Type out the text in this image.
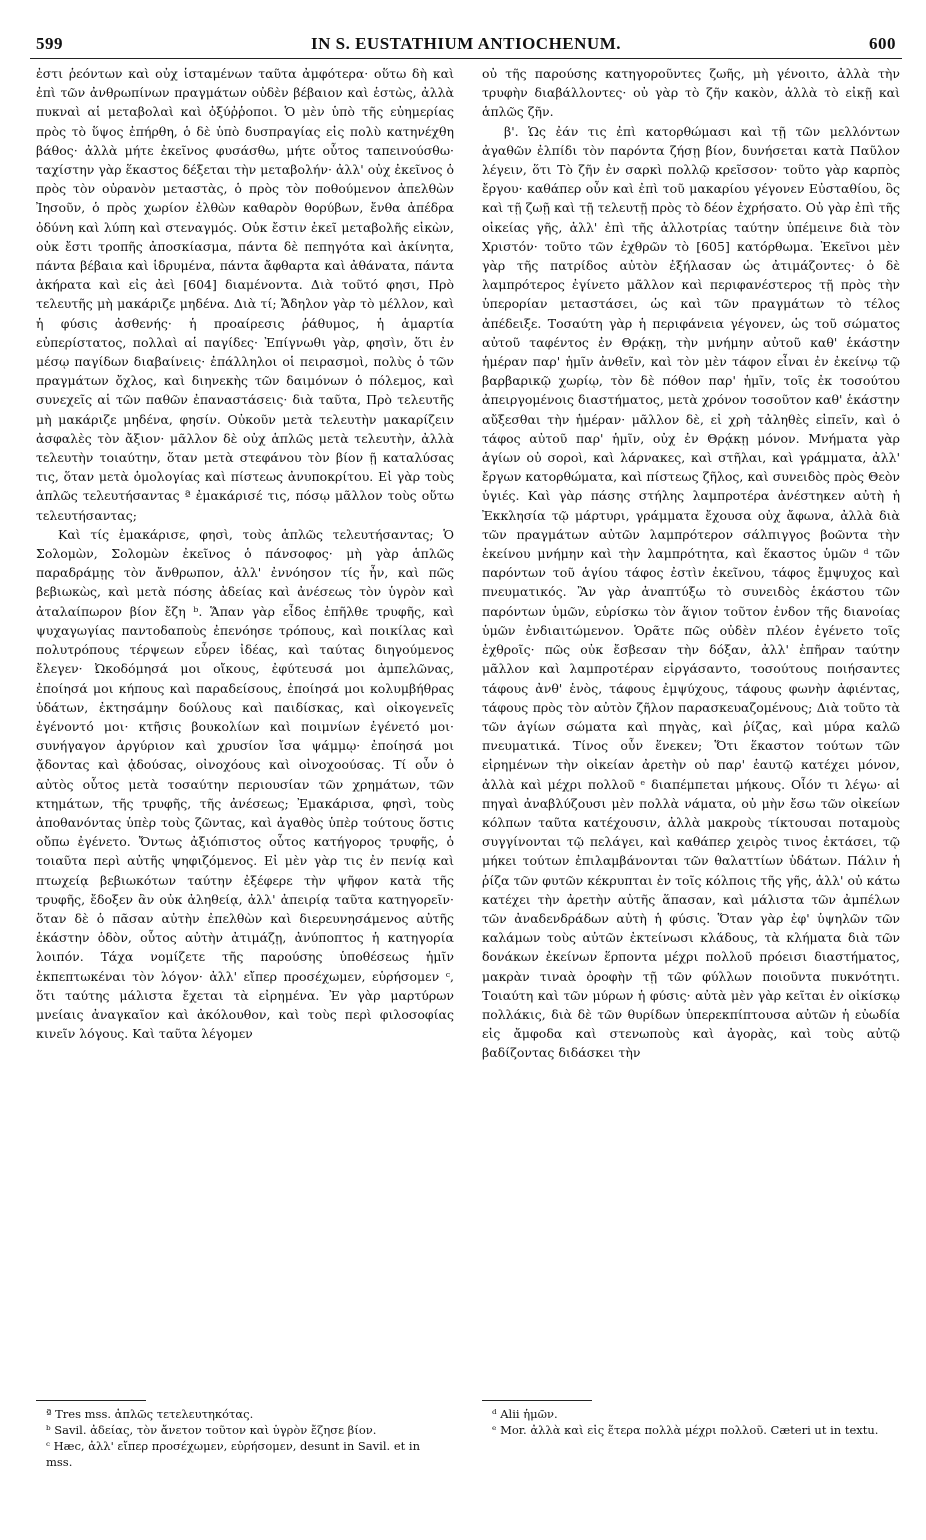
599	IN S. EUSTATHIUM ANTIOCHENUM.	600

ἐστι ῥεόντων καὶ οὐχ ἱσταμένων ταῦτα ἀμφότερα· οὕτω δὴ καὶ ἐπὶ τῶν ἀνθρωπίνων πραγμάτων οὐδὲν βέβαιον καὶ ἑστὼς, ἀλλὰ πυκναὶ αἱ μεταβολαὶ καὶ ὀξύῤῥοποι. Ὁ μὲν ὑπὸ τῆς εὐημερίας πρὸς τὸ ὕψος ἐπήρθη, ὁ δὲ ὑπὸ δυσπραγίας εἰς πολὺ κατηνέχθη βάθος· ἀλλὰ μήτε ἐκεῖνος φυσάσθω, μήτε οὗτος ταπεινούσθω· ταχίστην γὰρ ἕκαστος δέξεται τὴν μεταβολήν· ἀλλ' οὐχ ἐκεῖνος ὁ πρὸς τὸν οὐρανὸν μεταστὰς, ὁ πρὸς τὸν ποθούμενον ἀπελθὼν Ἰησοῦν, ὁ πρὸς χωρίον ἐλθὼν καθαρὸν θορύβων, ἔνθα ἀπέδρα ὀδύνη καὶ λύπη καὶ στεναγμός. Οὐκ ἔστιν ἐκεῖ μεταβολῆς εἰκὼν, οὐκ ἔστι τροπῆς ἀποσκίασμα, πάντα δὲ πεπηγότα καὶ ἀκίνητα, πάντα βέβαια καὶ ἱδρυμένα, πάντα ἄφθαρτα καὶ ἀθάνατα, πάντα ἀκήρατα καὶ εἰς ἀεὶ [604] διαμένοντα. Διὰ τοῦτό φησι, Πρὸ τελευτῆς μὴ μακάριζε μηδένα. Διὰ τί; Ἄδηλον γὰρ τὸ μέλλον, καὶ ἡ φύσις ἀσθενής· ἡ προαίρεσις ῥάθυμος, ἡ ἁμαρτία εὐπερίστατος, πολλαὶ αἱ παγίδες· Ἐπίγνωθι γὰρ, φησὶν, ὅτι ἐν μέσῳ παγίδων διαβαίνεις· ἐπάλληλοι οἱ πειρασμοὶ, πολὺς ὁ τῶν πραγμάτων ὄχλος, καὶ διηνεκὴς τῶν δαιμόνων ὁ πόλεμος, καὶ συνεχεῖς αἱ τῶν παθῶν ἐπαναστάσεις· διὰ ταῦτα, Πρὸ τελευτῆς μὴ μακάριζε μηδένα, φησίν. Οὐκοῦν μετὰ τελευτὴν μακαρίζειν ἀσφαλὲς τὸν ἄξιον· μᾶλλον δὲ οὐχ ἁπλῶς μετὰ τελευτὴν, ἀλλὰ τελευτὴν τοιαύτην, ὅταν μετὰ στεφάνου τὸν βίον ῇ καταλύσας τις, ὅταν μετὰ ὁμολογίας καὶ πίστεως ἀνυποκρίτου. Εἰ γὰρ τοὺς ἁπλῶς τελευτήσαντας ª ἐμακάρισέ τις, πόσῳ μᾶλλον τοὺς οὕτω τελευτήσαντας;

Καὶ τίς ἐμακάρισε, φησὶ, τοὺς ἁπλῶς τελευτήσαντας; Ὁ Σολομὼν, Σολομὼν ἐκεῖνος ὁ πάνσοφος· μὴ γὰρ ἁπλῶς παραδράμῃς τὸν ἄνθρωπον, ἀλλ' ἐννόησον τίς ἦν, καὶ πῶς βεβιωκὼς, καὶ μετὰ πόσης ἀδείας καὶ ἀνέσεως τὸν ὑγρὸν καὶ ἀταλαίπωρον βίον ἔζη ᵇ. Ἅπαν γὰρ εἶδος ἐπῆλθε τρυφῆς, καὶ ψυχαγωγίας παντοδαποὺς ἐπενόησε τρόπους, καὶ ποικίλας καὶ πολυτρόπους τέρψεων εὗρεν ἰδέας, καὶ ταύτας διηγούμενος ἔλεγεν· Ὠκοδόμησά μοι οἴκους, ἐφύτευσά μοι ἀμπελῶνας, ἐποίησά μοι κήπους καὶ παραδείσους, ἐποίησά μοι κολυμβήθρας ὑδάτων, ἐκτησάμην δούλους καὶ παιδίσκας, καὶ οἰκογενεῖς ἐγένοντό μοι· κτῆσις βουκολίων καὶ ποιμνίων ἐγένετό μοι· συνήγαγον ἀργύριον καὶ χρυσίον ἴσα ψάμμῳ· ἐποίησά μοι ᾄδοντας καὶ ᾀδούσας, οἰνοχόους καὶ οἰνοχοούσας. Τί οὖν ὁ αὐτὸς οὗτος μετὰ τοσαύτην περιουσίαν τῶν χρημάτων, τῶν κτημάτων, τῆς τρυφῆς, τῆς ἀνέσεως; Ἐμακάρισα, φησὶ, τοὺς ἀποθανόντας ὑπὲρ τοὺς ζῶντας, καὶ ἀγαθὸς ὑπὲρ τούτους ὅστις οὔπω ἐγένετο. Ὄντως ἀξιόπιστος οὗτος κατήγορος τρυφῆς, ὁ τοιαῦτα περὶ αὐτῆς ψηφιζόμενος. Εἰ μὲν γὰρ τις ἐν πενίᾳ καὶ πτωχείᾳ βεβιωκότων ταύτην ἐξέφερε τὴν ψῆφον κατὰ τῆς τρυφῆς, ἔδοξεν ἂν οὐκ ἀληθείᾳ, ἀλλ' ἀπειρίᾳ ταῦτα κατηγορεῖν· ὅταν δὲ ὁ πᾶσαν αὐτὴν ἐπελθὼν καὶ διερευνησάμενος αὐτῆς ἑκάστην ὁδὸν, οὗτος αὐτὴν ἀτιμάζῃ, ἀνύποπτος ἡ κατηγορία λοιπόν. Τάχα νομίζετε τῆς παρούσης ὑποθέσεως ἡμῖν ἐκπεπτωκέναι τὸν λόγον· ἀλλ' εἴπερ προσέχωμεν, εὑρήσομεν ᶜ, ὅτι ταύτης μάλιστα ἔχεται τὰ εἰρημένα. Ἐν γὰρ μαρτύρων μνείαις ἀναγκαῖον καὶ ἀκόλουθον, καὶ τοὺς περὶ φιλοσοφίας κινεῖν λόγους. Καὶ ταῦτα λέγομεν

οὐ τῆς παρούσης κατηγοροῦντες ζωῆς, μὴ γένοιτο, ἀλλὰ τὴν τρυφὴν διαβάλλοντες· οὐ γὰρ τὸ ζῆν κακὸν, ἀλλὰ τὸ εἰκῇ καὶ ἁπλῶς ζῆν.

β'. Ὡς ἐάν τις ἐπὶ κατορθώμασι καὶ τῇ τῶν μελλόντων ἀγαθῶν ἐλπίδι τὸν παρόντα ζήσῃ βίον, δυνήσεται κατὰ Παῦλον λέγειν, ὅτι Τὸ ζῆν ἐν σαρκὶ πολλῷ κρεῖσσον· τοῦτο γὰρ καρπὸς ἔργου· καθάπερ οὖν καὶ ἐπὶ τοῦ μακαρίου γέγονεν Εὐσταθίου, ὃς καὶ τῇ ζωῇ καὶ τῇ τελευτῇ πρὸς τὸ δέον ἐχρήσατο. Οὐ γὰρ ἐπὶ τῆς οἰκείας γῆς, ἀλλ' ἐπὶ τῆς ἀλλοτρίας ταύτην ὑπέμεινε διὰ τὸν Χριστόν· τοῦτο τῶν ἐχθρῶν τὸ [605] κατόρθωμα. Ἐκεῖνοι μὲν γὰρ τῆς πατρίδος αὐτὸν ἐξήλασαν ὡς ἀτιμάζοντες· ὁ δὲ λαμπρότερος ἐγίνετο μᾶλλον καὶ περιφανέστερος τῇ πρὸς τὴν ὑπερορίαν μεταστάσει, ὡς καὶ τῶν πραγμάτων τὸ τέλος ἀπέδειξε. Τοσαύτη γὰρ ἡ περιφάνεια γέγονεν, ὡς τοῦ σώματος αὐτοῦ ταφέντος ἐν Θρᾴκῃ, τὴν μνήμην αὐτοῦ καθ' ἑκάστην ἡμέραν παρ' ἡμῖν ἀνθεῖν, καὶ τὸν μὲν τάφον εἶναι ἐν ἐκείνῳ τῷ βαρβαρικῷ χωρίῳ, τὸν δὲ πόθον παρ' ἡμῖν, τοῖς ἐκ τοσούτου ἀπειργομένοις διαστήματος, μετὰ χρόνον τοσοῦτον καθ' ἑκάστην αὔξεσθαι τὴν ἡμέραν· μᾶλλον δὲ, εἰ χρὴ τἀληθὲς εἰπεῖν, καὶ ὁ τάφος αὐτοῦ παρ' ἡμῖν, οὐχ ἐν Θρᾴκῃ μόνον. Μνήματα γὰρ ἁγίων οὐ σοροὶ, καὶ λάρνακες, καὶ στῆλαι, καὶ γράμματα, ἀλλ' ἔργων κατορθώματα, καὶ πίστεως ζῆλος, καὶ συνειδὸς πρὸς Θεὸν ὑγιές. Καὶ γὰρ πάσης στήλης λαμπροτέρα ἀνέστηκεν αὐτὴ ἡ Ἐκκλησία τῷ μάρτυρι, γράμματα ἔχουσα οὐχ ἄφωνα, ἀλλὰ διὰ τῶν πραγμάτων αὐτῶν λαμπρότερον σάλπιγγος βοῶντα τὴν ἐκείνου μνήμην καὶ τὴν λαμπρότητα, καὶ ἕκαστος ὑμῶν ᵈ τῶν παρόντων τοῦ ἁγίου τάφος ἐστὶν ἐκεῖνου, τάφος ἔμψυχος καὶ πνευματικός. Ἂν γὰρ ἀναπτύξω τὸ συνειδὸς ἑκάστου τῶν παρόντων ὑμῶν, εὑρίσκω τὸν ἅγιον τοῦτον ἐνδον τῆς διανοίας ὑμῶν ἐνδιαιτώμενον. Ὁρᾶτε πῶς οὐδὲν πλέον ἐγένετο τοῖς ἐχθροῖς· πῶς οὐκ ἔσβεσαν τὴν δόξαν, ἀλλ' ἐπῆραν ταύτην μᾶλλον καὶ λαμπροτέραν εἰργάσαντο, τοσούτους ποιήσαντες τάφους ἀνθ' ἑνὸς, τάφους ἐμψύχους, τάφους φωνὴν ἀφιέντας, τάφους πρὸς τὸν αὐτὸν ζῆλον παρασκευαζομένους; Διὰ τοῦτο τὰ τῶν ἁγίων σώματα καὶ πηγὰς, καὶ ῥίζας, καὶ μύρα καλῶ πνευματικά. Τίνος οὖν ἕνεκεν; Ὅτι ἕκαστον τούτων τῶν εἰρημένων τὴν οἰκείαν ἀρετὴν οὐ παρ' ἑαυτῷ κατέχει μόνον, ἀλλὰ καὶ μέχρι πολλοῦ ᵉ διαπέμπεται μήκους. Οἷόν τι λέγω· αἱ πηγαὶ ἀναβλύζουσι μὲν πολλὰ νάματα, οὐ μὴν ἔσω τῶν οἰκείων κόλπων ταῦτα κατέχουσιν, ἀλλὰ μακροὺς τίκτουσαι ποταμοὺς συγγίνονται τῷ πελάγει, καὶ καθάπερ χειρὸς τινος ἐκτάσει, τῷ μήκει τούτων ἐπιλαμβάνονται τῶν θαλαττίων ὑδάτων. Πάλιν ἡ ῥίζα τῶν φυτῶν κέκρυπται ἐν τοῖς κόλποις τῆς γῆς, ἀλλ' οὐ κάτω κατέχει τὴν ἀρετὴν αὐτῆς ἅπασαν, καὶ μάλιστα τῶν ἀμπέλων τῶν ἀναδενδράδων αὐτὴ ἡ φύσις. Ὅταν γὰρ ἐφ' ὑψηλῶν τῶν καλάμων τοὺς αὐτῶν ἐκτείνωσι κλάδους, τὰ κλήματα διὰ τῶν δονάκων ἐκείνων ἕρποντα μέχρι πολλοῦ πρόεισι διαστήματος, μακρὰν τιναὰ ὀροφὴν τῇ τῶν φύλλων ποιοῦντα πυκνότητι. Τοιαύτη καὶ τῶν μύρων ἡ φύσις· αὐτὰ μὲν γὰρ κεῖται ἐν οἰκίσκῳ πολλάκις, διὰ δὲ τῶν θυρίδων ὑπερεκπίπτουσα αὐτῶν ἡ εὐωδία εἰς ἄμφοδα καὶ στενωποὺς καὶ ἀγορὰς, καὶ τοὺς αὐτῷ βαδίζοντας διδάσκει τὴν

ª Tres mss. ἁπλῶς τετελευτηκότας.
ᵇ Savil. ἀδείας, τὸν ἄνετον τοῦτον καὶ ὑγρὸν ἔζησε βίον.
ᶜ Hæc, ἀλλ' εἴπερ προσέχωμεν, εὑρήσομεν, desunt in Savil. et in mss.
ᵈ Alii ἡμῶν.
ᵉ Mor. ἀλλὰ καὶ εἰς ἕτερα πολλὰ μέχρι πολλοῦ. Cæteri ut in textu.
